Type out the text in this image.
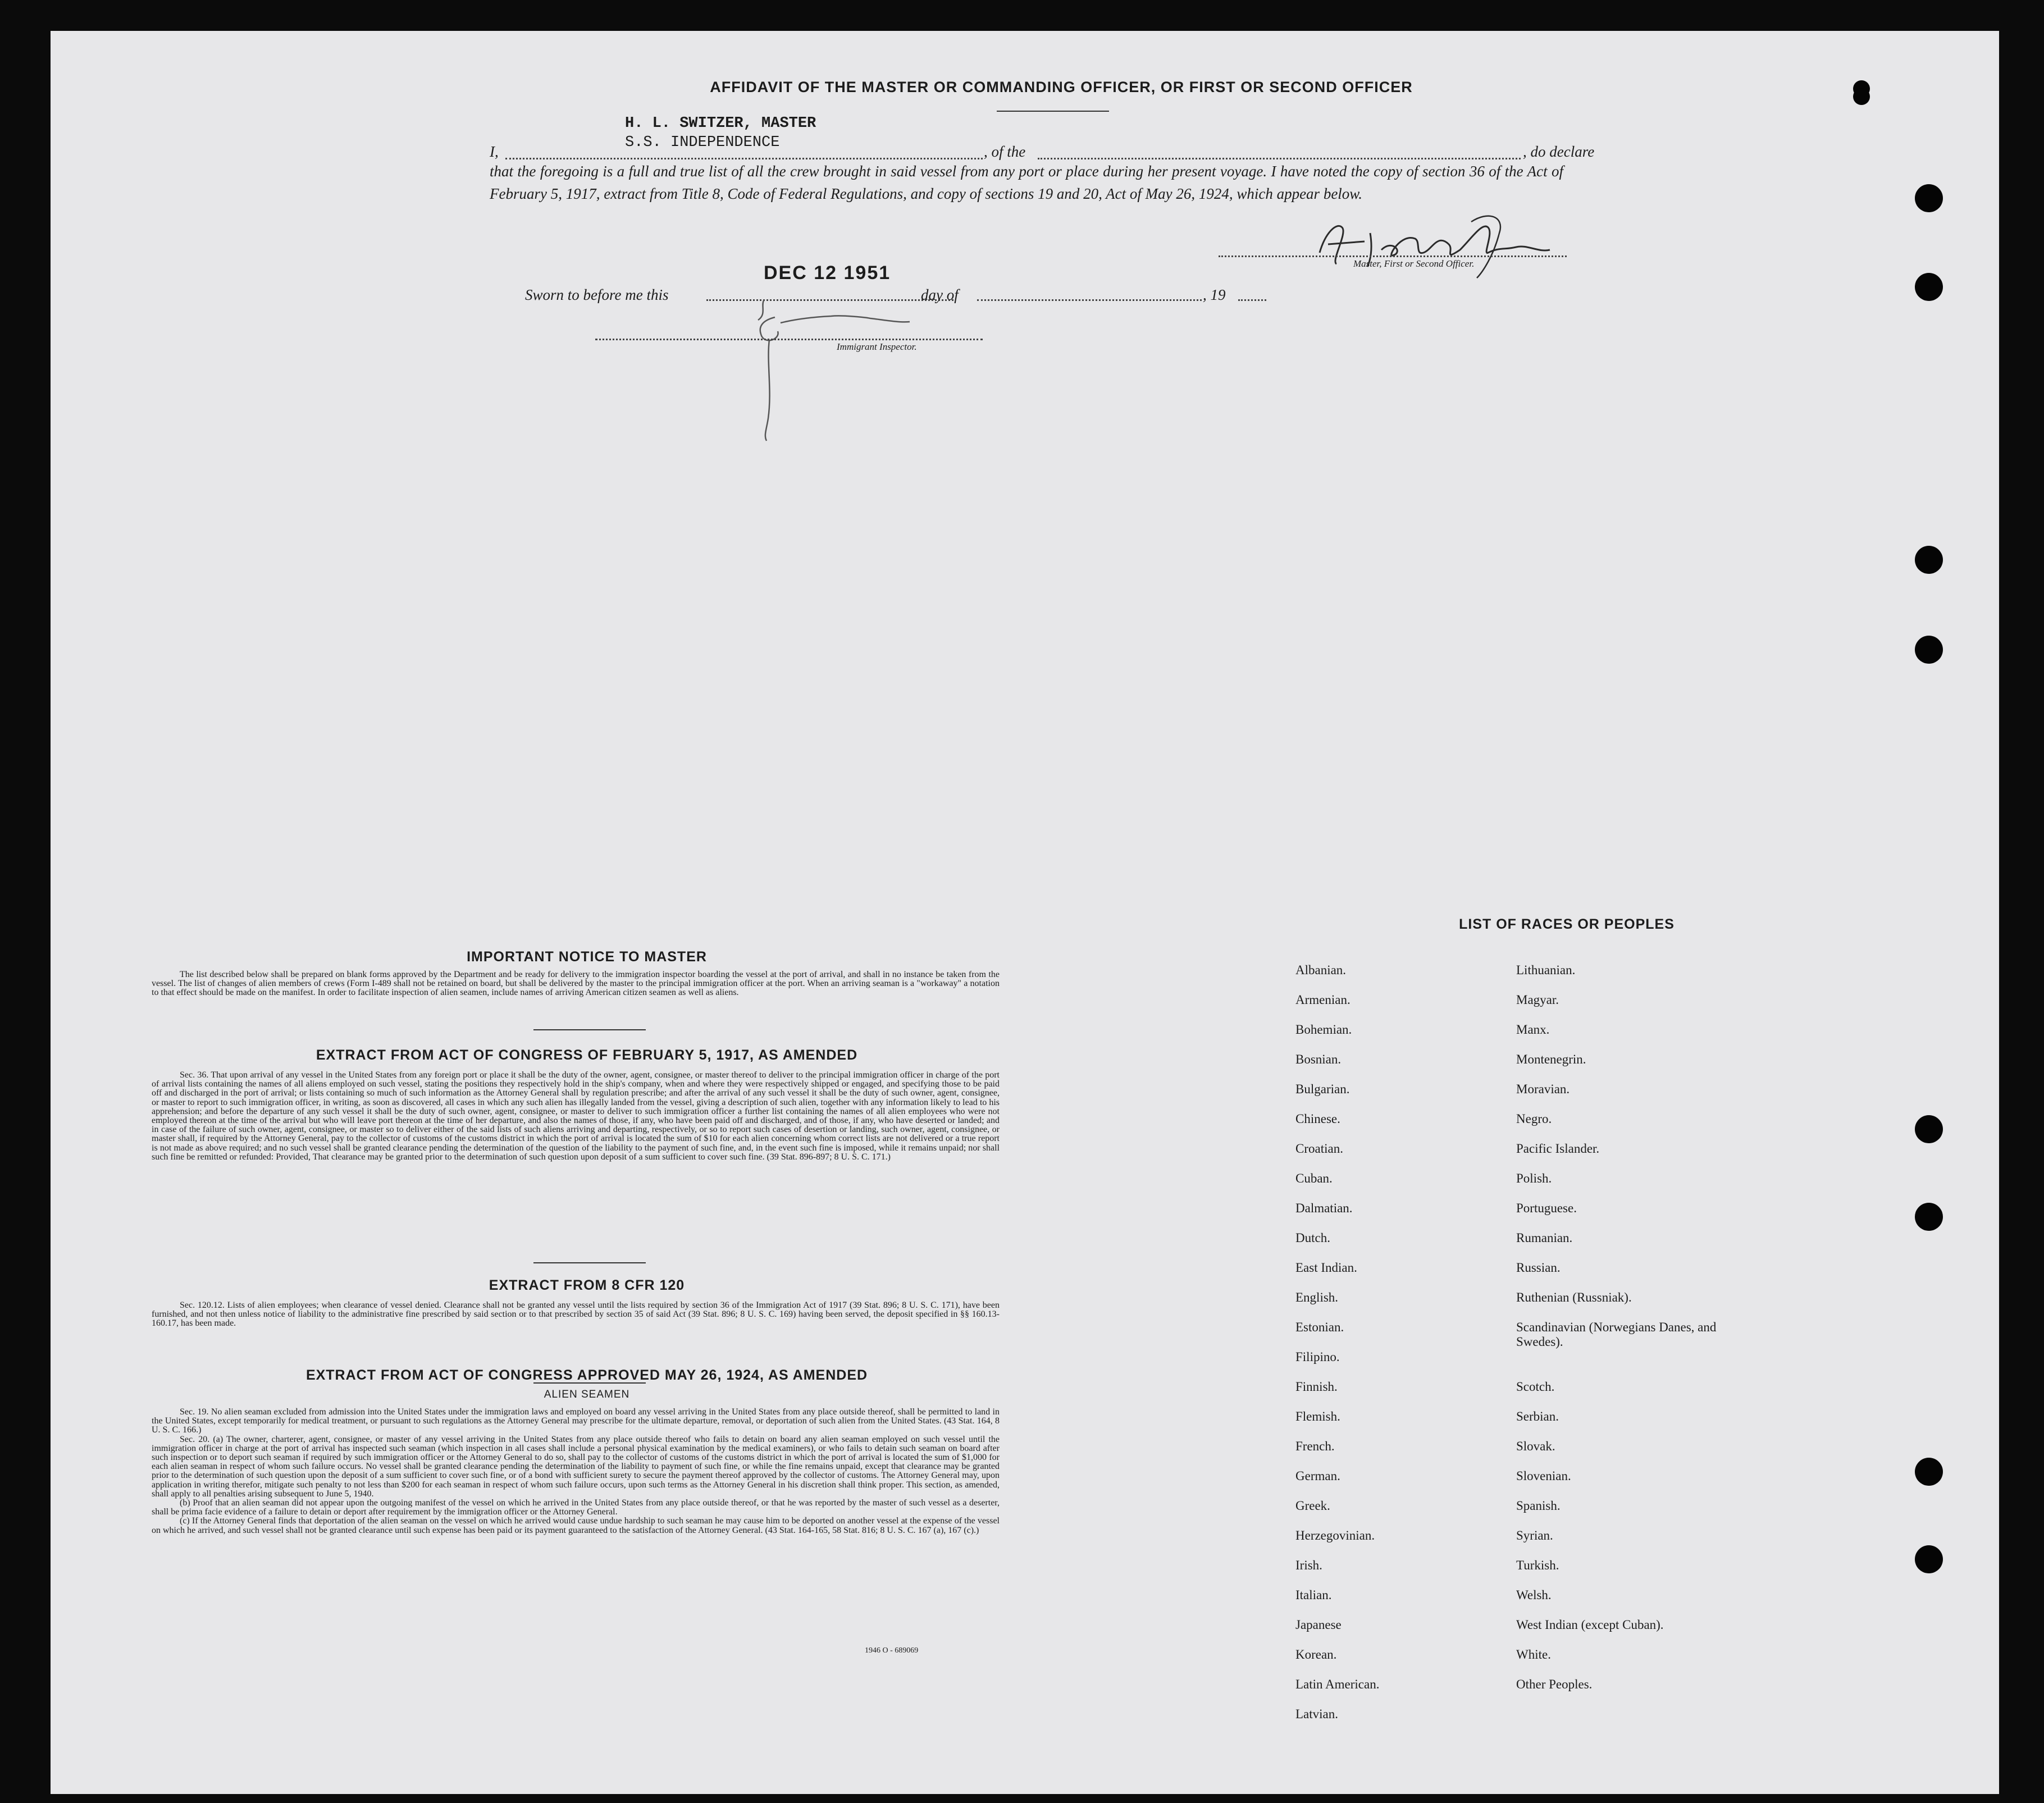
AFFIDAVIT OF THE MASTER OR COMMANDING OFFICER, OR FIRST OR SECOND OFFICER
H. L. SWITZER, MASTER
S.S. INDEPENDENCE
I,	, of the	, do declare
that the foregoing is a full and true list of all the crew brought in said vessel from any port or place during her present voyage. I have noted the copy of section 36 of the Act of February 5, 1917, extract from Title 8, Code of Federal Regulations, and copy of sections 19 and 20, Act of May 26, 1924, which appear below.
Master, First or Second Officer.
DEC 12 1951
Sworn to before me this	day of	, 19
Immigrant Inspector.
IMPORTANT NOTICE TO MASTER
The list described below shall be prepared on blank forms approved by the Department and be ready for delivery to the immigration inspector boarding the vessel at the port of arrival, and shall in no instance be taken from the vessel. The list of changes of alien members of crews (Form I-489 shall not be retained on board, but shall be delivered by the master to the principal immigration officer at the port. When an arriving seaman is a "workaway" a notation to that effect should be made on the manifest. In order to facilitate inspection of alien seamen, include names of arriving American citizen seamen as well as aliens.
EXTRACT FROM ACT OF CONGRESS OF FEBRUARY 5, 1917, AS AMENDED
Sec. 36. That upon arrival of any vessel in the United States from any foreign port or place it shall be the duty of the owner, agent, consignee, or master thereof to deliver to the principal immigration officer in charge of the port of arrival lists containing the names of all aliens employed on such vessel, stating the positions they respectively hold in the ship's company, when and where they were respectively shipped or engaged, and specifying those to be paid off and discharged in the port of arrival; or lists containing so much of such information as the Attorney General shall by regulation prescribe; and after the arrival of any such vessel it shall be the duty of such owner, agent, consignee, or master to report to such immigration officer, in writing, as soon as discovered, all cases in which any such alien has illegally landed from the vessel, giving a description of such alien, together with any information likely to lead to his apprehension; and before the departure of any such vessel it shall be the duty of such owner, agent, consignee, or master to deliver to such immigration officer a further list containing the names of all alien employees who were not employed thereon at the time of the arrival but who will leave port thereon at the time of her departure, and also the names of those, if any, who have been paid off and discharged, and of those, if any, who have deserted or landed; and in case of the failure of such owner, agent, consignee, or master so to deliver either of the said lists of such aliens arriving and departing, respectively, or so to report such cases of desertion or landing, such owner, agent, consignee, or master shall, if required by the Attorney General, pay to the collector of customs of the customs district in which the port of arrival is located the sum of $10 for each alien concerning whom correct lists are not delivered or a true report is not made as above required; and no such vessel shall be granted clearance pending the determination of the question of the liability to the payment of such fine, and, in the event such fine is imposed, while it remains unpaid; nor shall such fine be remitted or refunded: Provided, That clearance may be granted prior to the determination of such question upon deposit of a sum sufficient to cover such fine. (39 Stat. 896-897; 8 U. S. C. 171.)
EXTRACT FROM 8 CFR 120
Sec. 120.12. Lists of alien employees; when clearance of vessel denied. Clearance shall not be granted any vessel until the lists required by section 36 of the Immigration Act of 1917 (39 Stat. 896; 8 U. S. C. 171), have been furnished, and not then unless notice of liability to the administrative fine prescribed by said section or to that prescribed by section 35 of said Act (39 Stat. 896; 8 U. S. C. 169) having been served, the deposit specified in §§ 160.13-160.17, has been made.
EXTRACT FROM ACT OF CONGRESS APPROVED MAY 26, 1924, AS AMENDED
ALIEN SEAMEN

Sec. 19. No alien seaman excluded from admission into the United States under the immigration laws and employed on board any vessel arriving in the United States from any place outside thereof, shall be permitted to land in the United States, except temporarily for medical treatment, or pursuant to such regulations as the Attorney General may prescribe for the ultimate departure, removal, or deportation of such alien from the United States. (43 Stat. 164, 8 U. S. C. 166.)

Sec. 20. (a) The owner, charterer, agent, consignee, or master of any vessel arriving in the United States from any place outside thereof who fails to detain on board any alien seaman employed on such vessel until the immigration officer in charge at the port of arrival has inspected such seaman (which inspection in all cases shall include a personal physical examination by the medical examiners), or who fails to detain such seaman on board after such inspection or to deport such seaman if required by such immigration officer or the Attorney General to do so, shall pay to the collector of customs of the customs district in which the port of arrival is located the sum of $1,000 for each alien seaman in respect of whom such failure occurs. No vessel shall be granted clearance pending the determination of the liability to payment of such fine, or while the fine remains unpaid, except that clearance may be granted prior to the determination of such question upon the deposit of a sum sufficient to cover such fine, or of a bond with sufficient surety to secure the payment thereof approved by the collector of customs. The Attorney General may, upon application in writing therefor, mitigate such penalty to not less than $200 for each seaman in respect of whom such failure occurs, upon such terms as the Attorney General in his discretion shall think proper. This section, as amended, shall apply to all penalties arising subsequent to June 5, 1940.

(b) Proof that an alien seaman did not appear upon the outgoing manifest of the vessel on which he arrived in the United States from any place outside thereof, or that he was reported by the master of such vessel as a deserter, shall be prima facie evidence of a failure to detain or deport after requirement by the immigration officer or the Attorney General.

(c) If the Attorney General finds that deportation of the alien seaman on the vessel on which he arrived would cause undue hardship to such seaman he may cause him to be deported on another vessel at the expense of the vessel on which he arrived, and such vessel shall not be granted clearance until such expense has been paid or its payment guaranteed to the satisfaction of the Attorney General. (43 Stat. 164-165, 58 Stat. 816; 8 U. S. C. 167 (a), 167 (c).)

1946 O - 689069
LIST OF RACES OR PEOPLES
Albanian.
Armenian.
Bohemian.
Bosnian.
Bulgarian.
Chinese.
Croatian.
Cuban.
Dalmatian.
Dutch.
East Indian.
English.
Estonian.
Filipino.
Finnish.
Flemish.
French.
German.
Greek.
Herzegovinian.
Irish.
Italian.
Japanese
Korean.
Latin American.
Latvian.
Lithuanian.
Magyar.
Manx.
Montenegrin.
Moravian.
Negro.
Pacific Islander.
Polish.
Portuguese.
Rumanian.
Russian.
Ruthenian (Russniak).
Scandinavian (Norwegians Danes, and Swedes).
Scotch.
Serbian.
Slovak.
Slovenian.
Spanish.
Syrian.
Turkish.
Welsh.
West Indian (except Cuban).
White.
Other Peoples.
